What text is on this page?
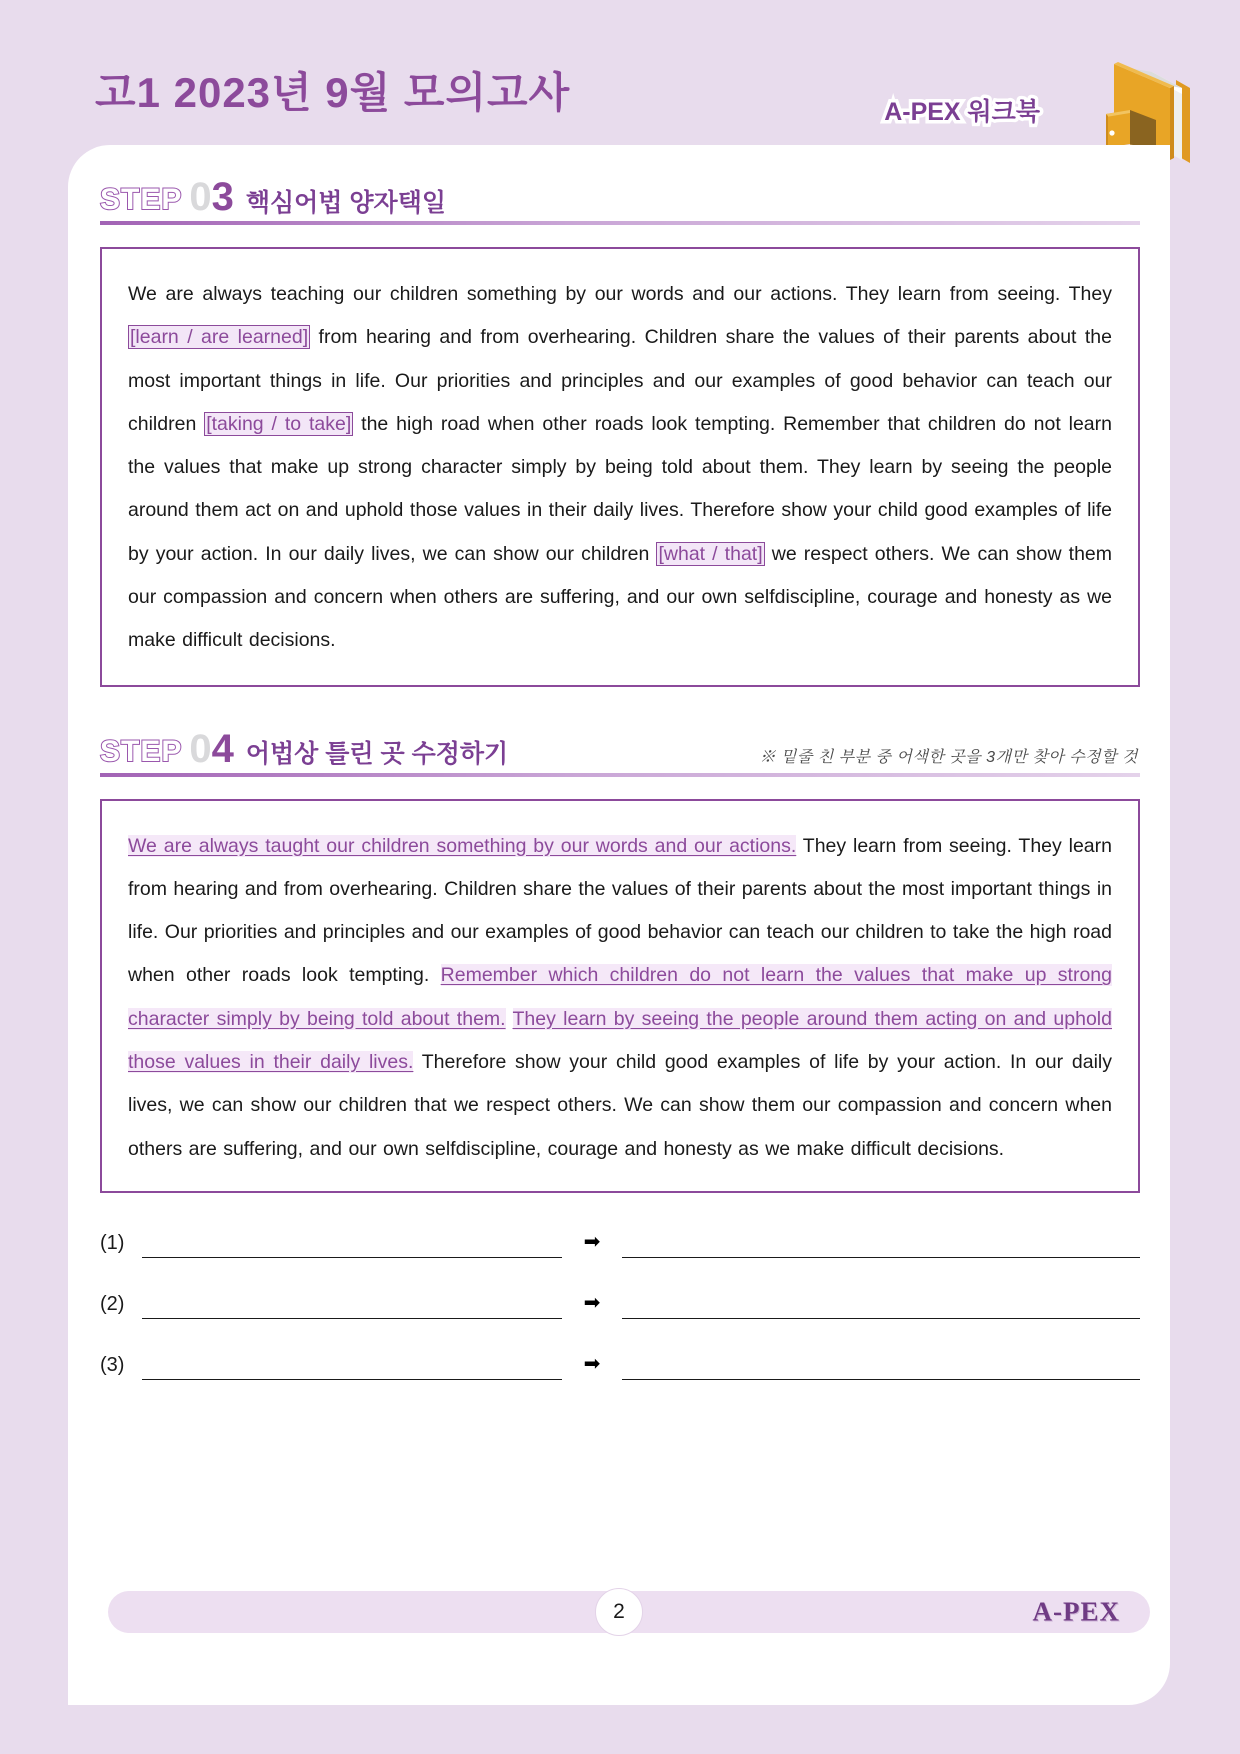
고1 2023년 9월 모의고사	A-PEX 워크북
STEP 0 3 핵심어법 양자택일
We are always teaching our children something by our words and our actions. They learn from seeing. They [learn / are learned] from hearing and from overhearing. Children share the values of their parents about the most important things in life. Our priorities and principles and our examples of good behavior can teach our children [taking / to take] the high road when other roads look tempting. Remember that children do not learn the values that make up strong character simply by being told about them. They learn by seeing the people around them act on and uphold those values in their daily lives. Therefore show your child good examples of life by your action. In our daily lives, we can show our children [what / that] we respect others. We can show them our compassion and concern when others are suffering, and our own selfdiscipline, courage and honesty as we make difficult decisions.
STEP 0 4 어법상 틀린 곳 수정하기	※ 밑줄 친 부분 중 어색한 곳을 3개만 찾아 수정할 것
We are always taught our children something by our words and our actions. They learn from seeing. They learn from hearing and from overhearing. Children share the values of their parents about the most important things in life. Our priorities and principles and our examples of good behavior can teach our children to take the high road when other roads look tempting. Remember which children do not learn the values that make up strong character simply by being told about them. They learn by seeing the people around them acting on and uphold those values in their daily lives. Therefore show your child good examples of life by your action. In our daily lives, we can show our children that we respect others. We can show them our compassion and concern when others are suffering, and our own selfdiscipline, courage and honesty as we make difficult decisions.
(1)	➡
(2)	➡
(3)	➡
2	A-PEX
